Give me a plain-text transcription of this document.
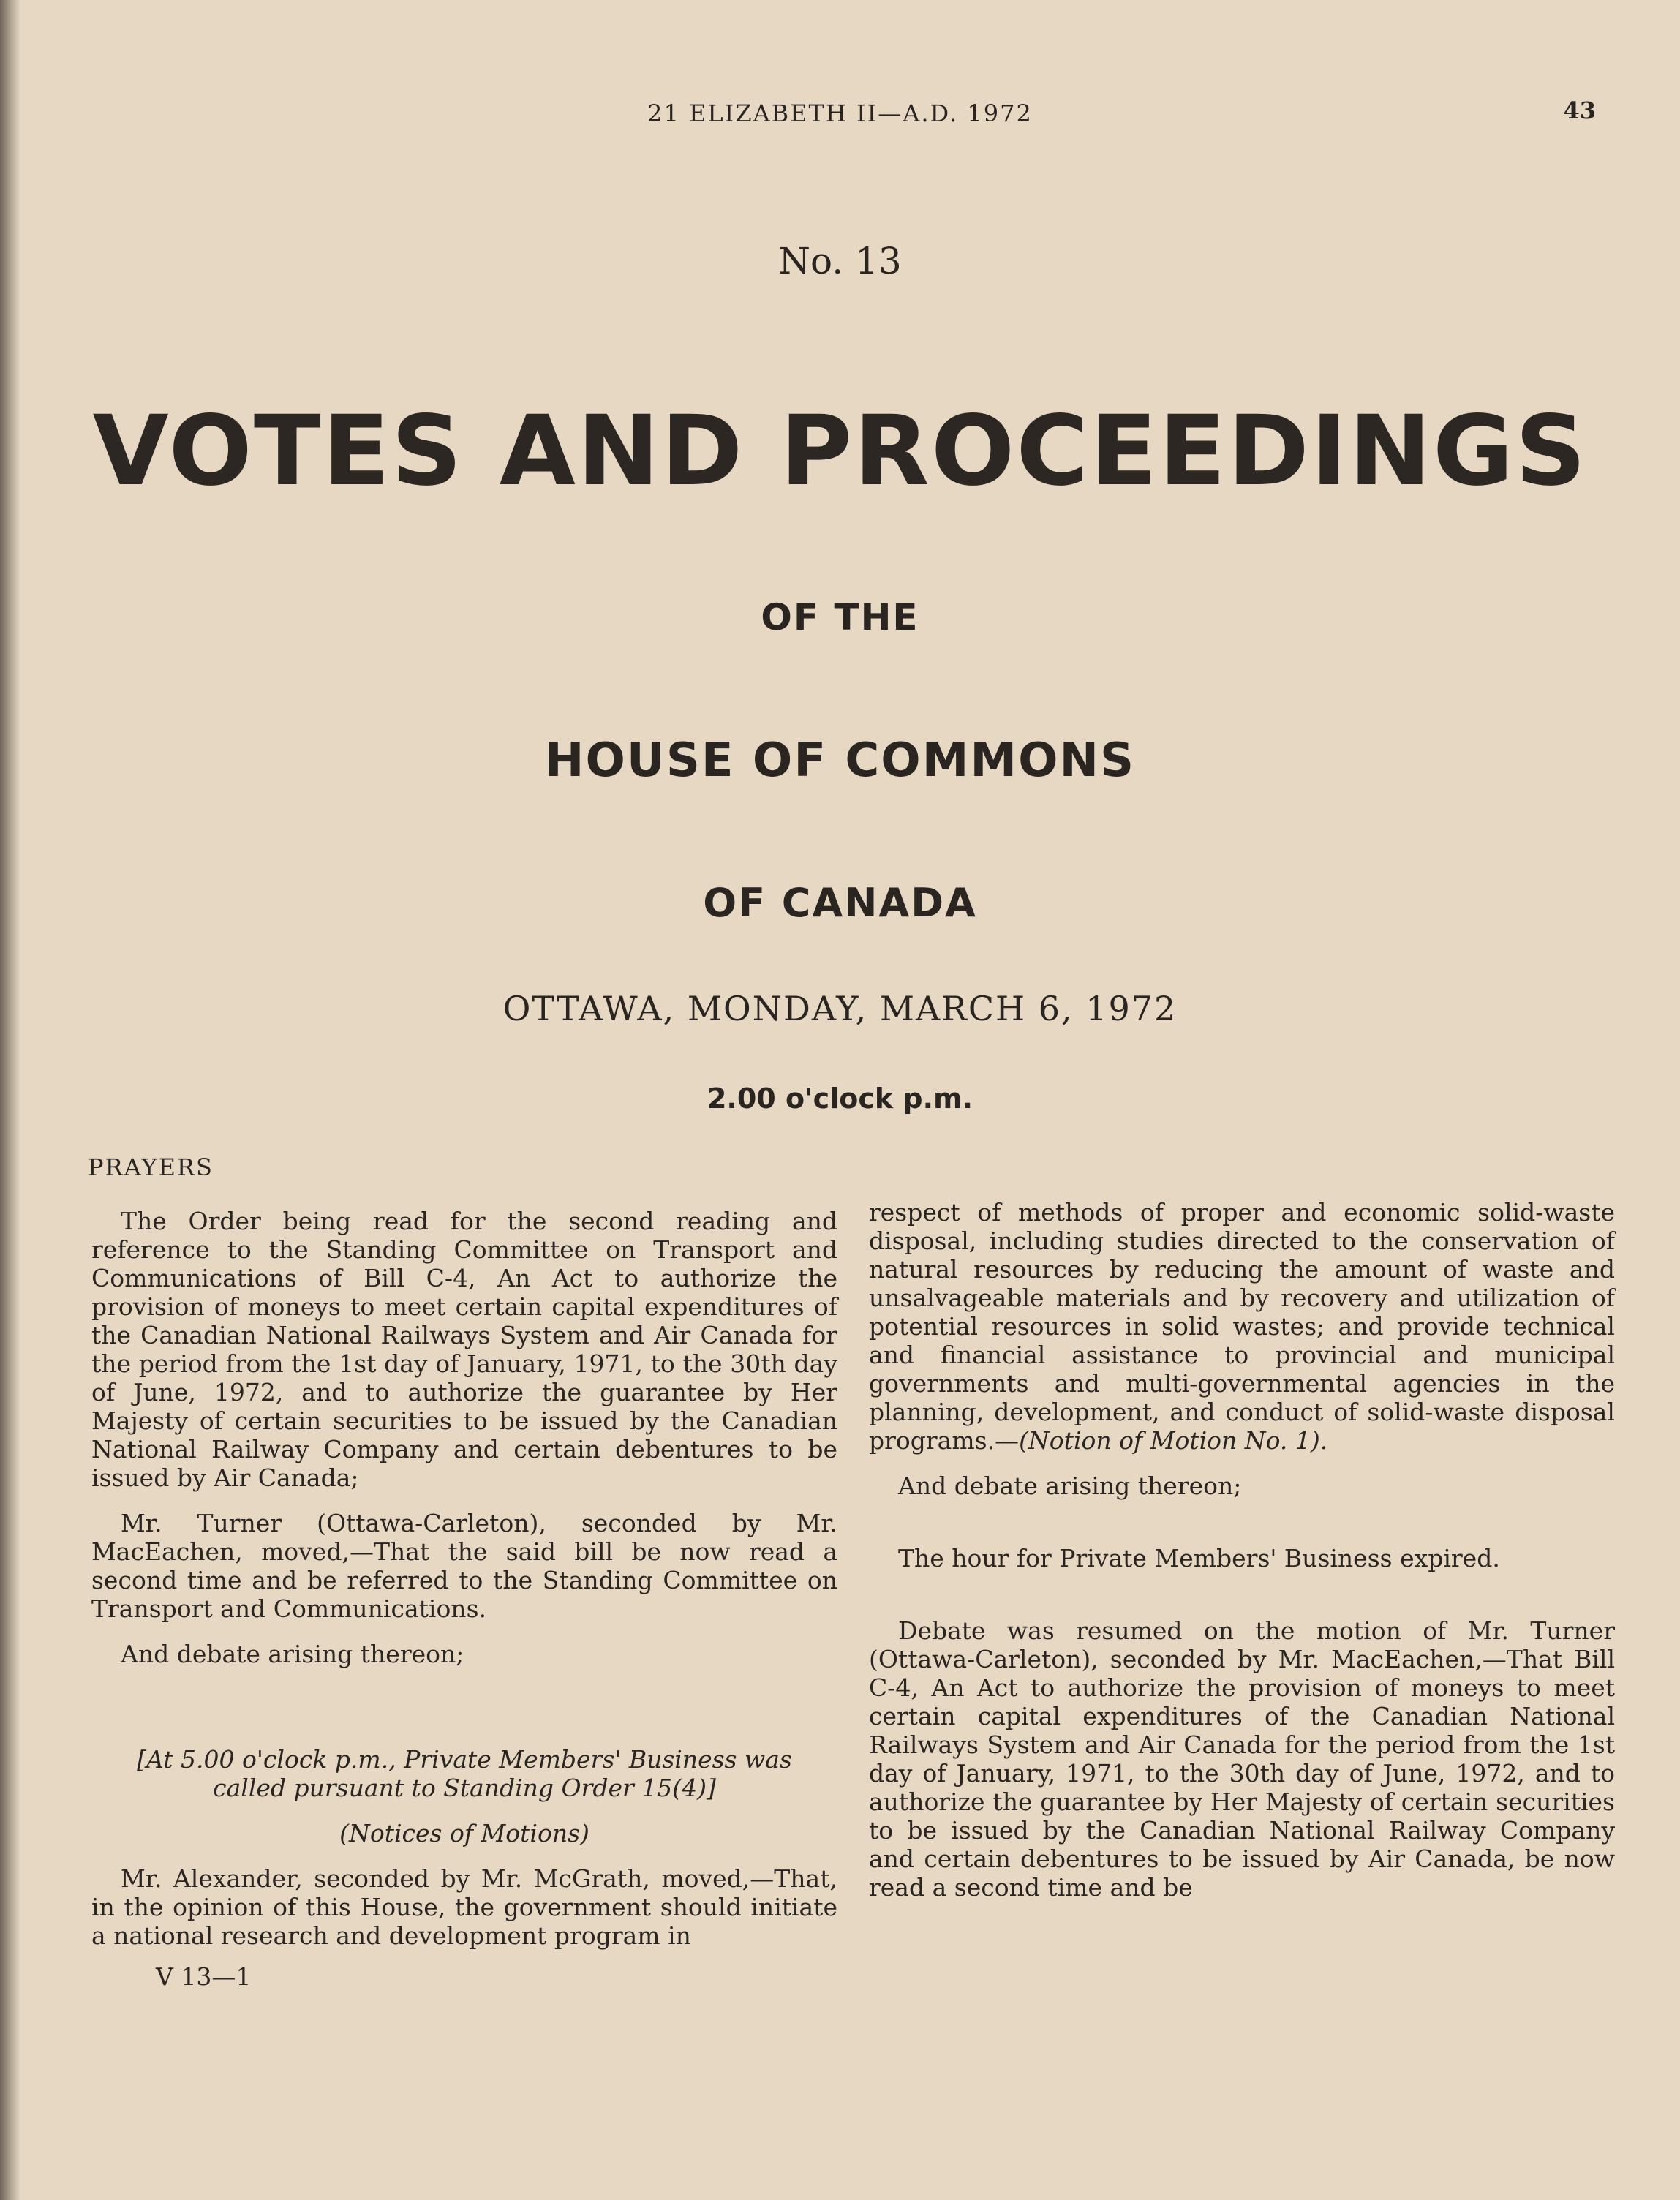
21 ELIZABETH II—A.D. 1972	43
No. 13
VOTES AND PROCEEDINGS
OF THE
HOUSE OF COMMONS
OF CANADA
OTTAWA, MONDAY, MARCH 6, 1972
2.00 o'clock p.m.
PRAYERS

The Order being read for the second reading and reference to the Standing Committee on Transport and Communications of Bill C-4, An Act to authorize the provision of moneys to meet certain capital expenditures of the Canadian National Railways System and Air Canada for the period from the 1st day of January, 1971, to the 30th day of June, 1972, and to authorize the guarantee by Her Majesty of certain securities to be issued by the Canadian National Railway Company and certain debentures to be issued by Air Canada;

Mr. Turner (Ottawa-Carleton), seconded by Mr. MacEachen, moved,—That the said bill be now read a second time and be referred to the Standing Committee on Transport and Communications.

And debate arising thereon;

[At 5.00 o'clock p.m., Private Members' Business was called pursuant to Standing Order 15(4)]

(Notices of Motions)

Mr. Alexander, seconded by Mr. McGrath, moved,—That, in the opinion of this House, the government should initiate a national research and development program in

respect of methods of proper and economic solid-waste disposal, including studies directed to the conservation of natural resources by reducing the amount of waste and unsalvageable materials and by recovery and utilization of potential resources in solid wastes; and provide technical and financial assistance to provincial and municipal governments and multi-governmental agencies in the planning, development, and conduct of solid-waste disposal programs.—(Notion of Motion No. 1).

And debate arising thereon;

The hour for Private Members' Business expired.

Debate was resumed on the motion of Mr. Turner (Ottawa-Carleton), seconded by Mr. MacEachen,—That Bill C-4, An Act to authorize the provision of moneys to meet certain capital expenditures of the Canadian National Railways System and Air Canada for the period from the 1st day of January, 1971, to the 30th day of June, 1972, and to authorize the guarantee by Her Majesty of certain securities to be issued by the Canadian National Railway Company and certain debentures to be issued by Air Canada, be now read a second time and be

V 13—1
